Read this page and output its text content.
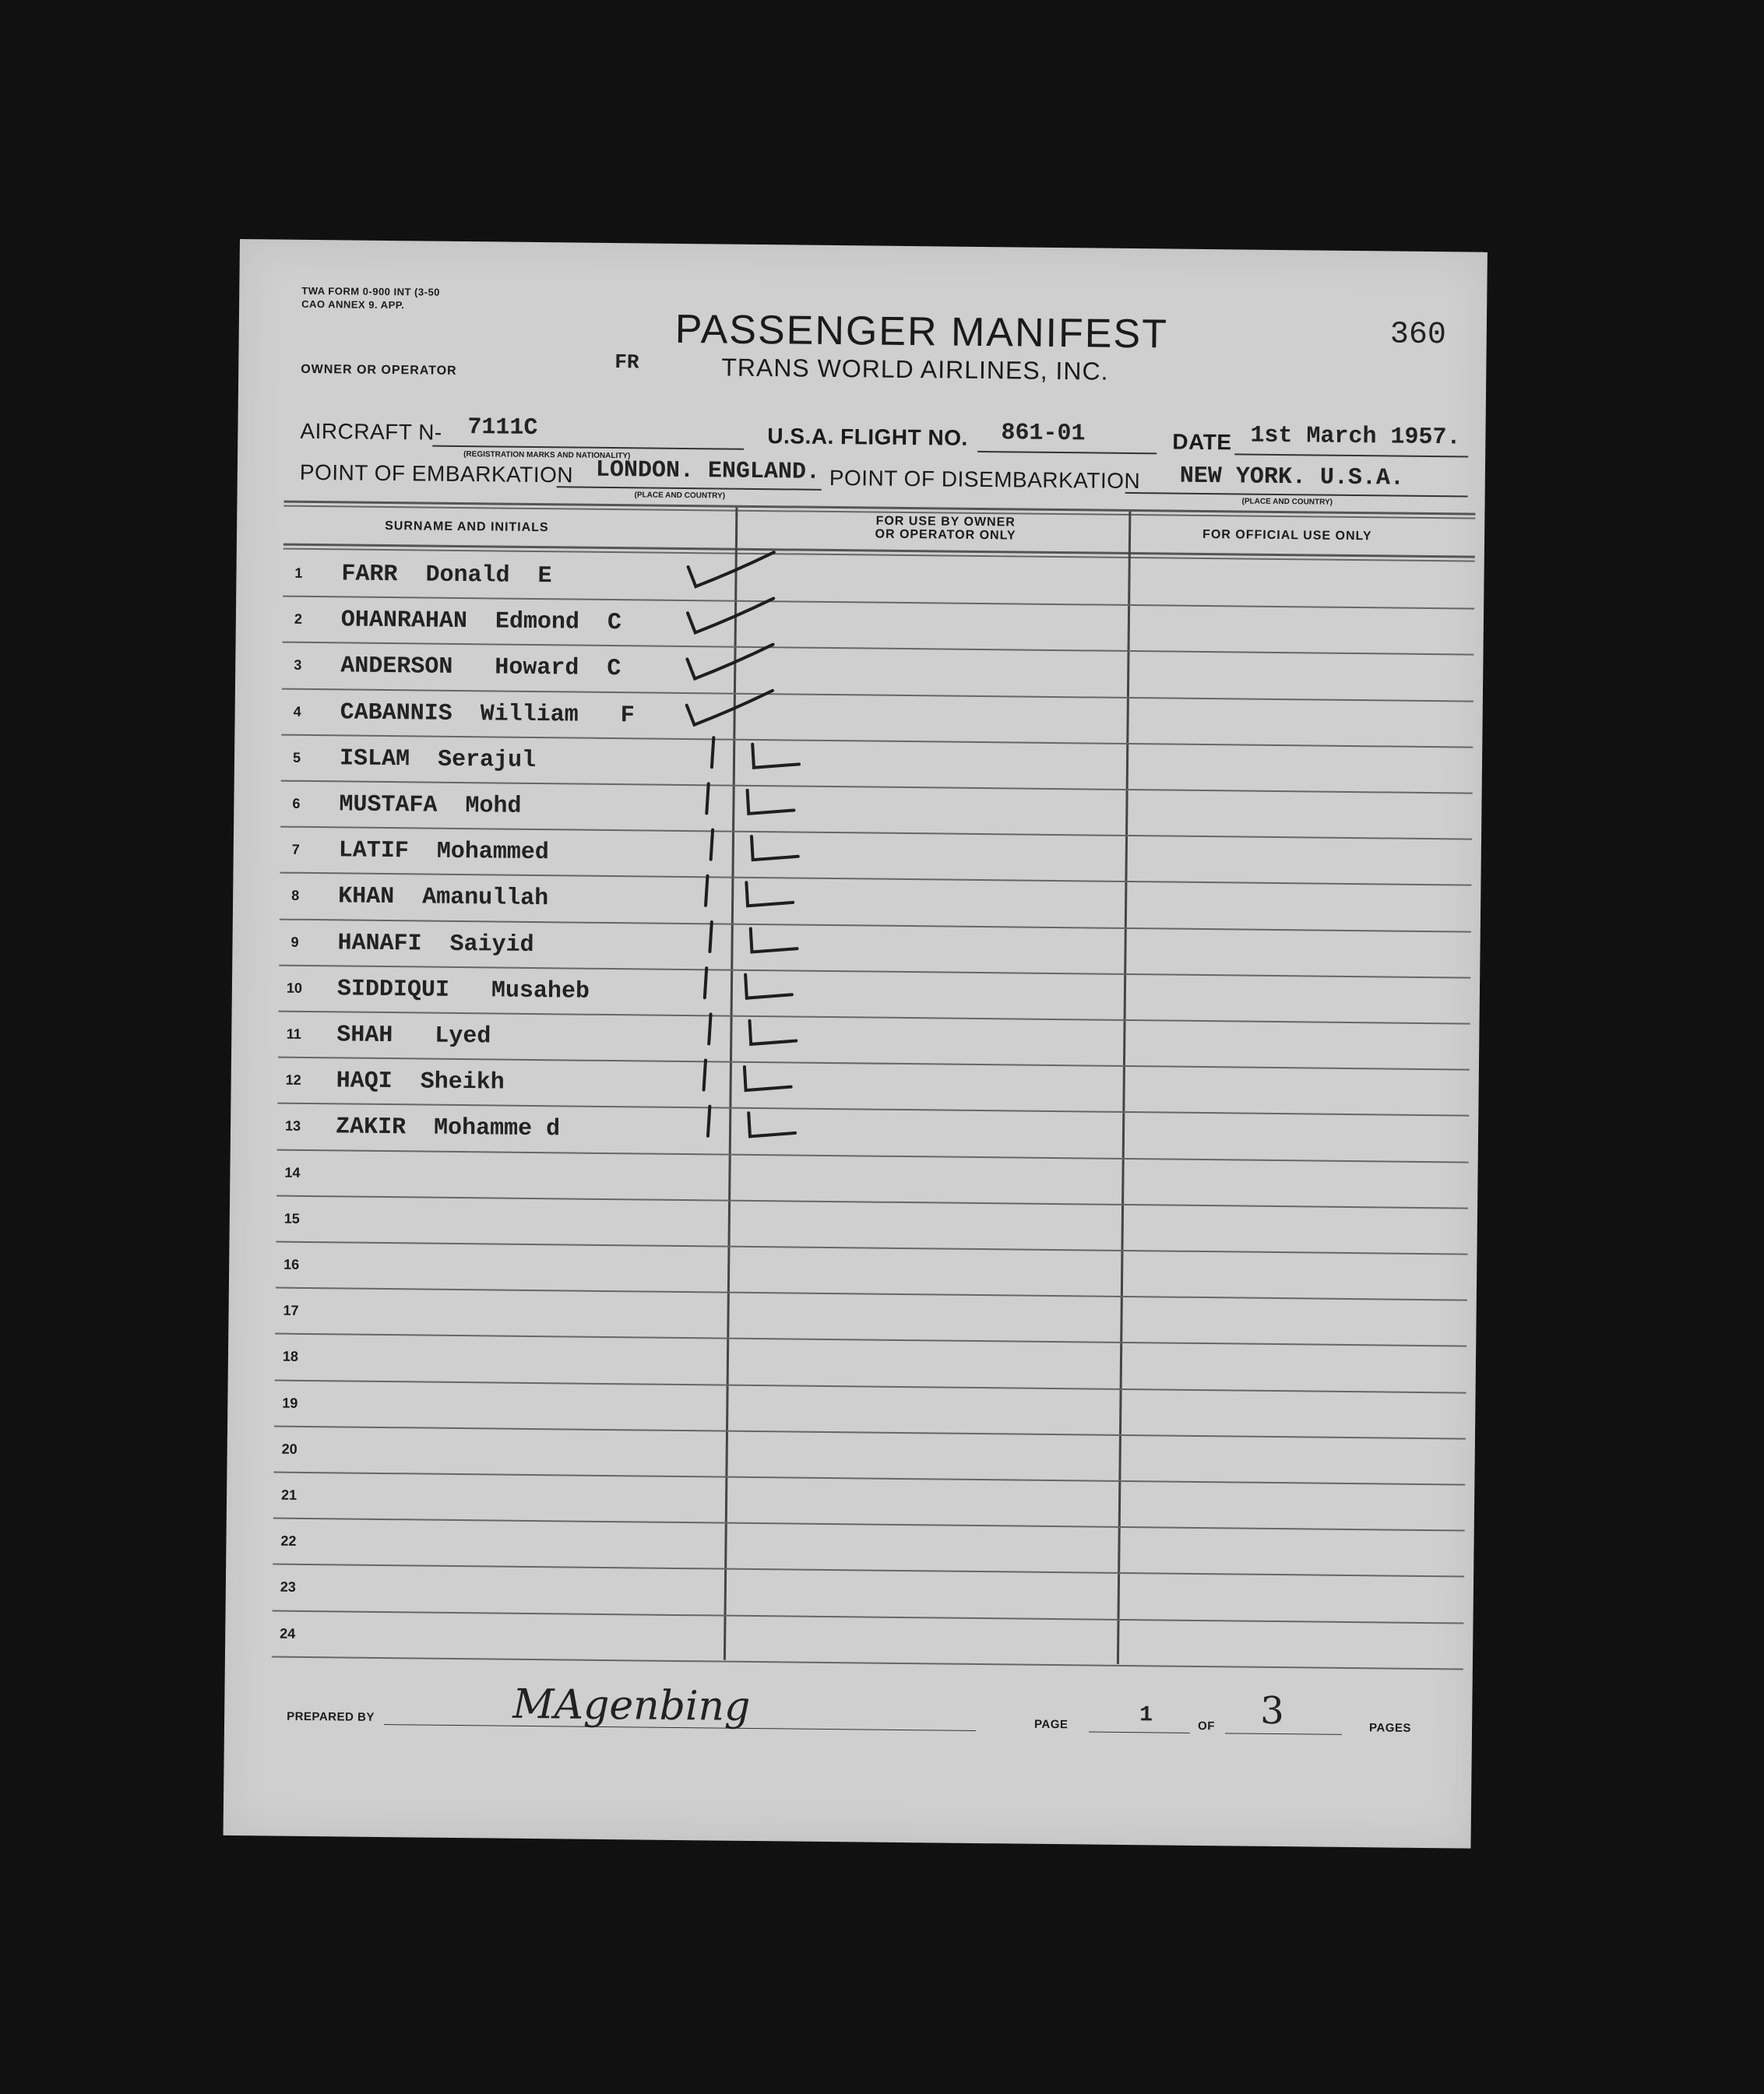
TWA FORM 0-900 INT (3-50
CAO ANNEX 9. APP.
360
PASSENGER MANIFEST
TRANS WORLD AIRLINES, INC.
OWNER OR OPERATOR	FR
AIRCRAFT N- 7111C
(REGISTRATION MARKS AND NATIONALITY)
U.S.A. FLIGHT NO. 861-01	DATE 1st March 1957.
POINT OF EMBARKATION LONDON. ENGLAND.
(PLACE AND COUNTRY)
POINT OF DISEMBARKATION NEW YORK. U.S.A.
(PLACE AND COUNTRY)
SURNAME AND INITIALS	FOR USE BY OWNER
OR OPERATOR ONLY	FOR OFFICIAL USE ONLY
1	FARR  Donald  E
2	OHANRAHAN  Edmond  C
3	ANDERSON   Howard  C
4	CABANNIS  William   F
5	ISLAM  Serajul
6	MUSTAFA  Mohd
7	LATIF  Mohammed
8	KHAN  Amanullah
9	HANAFI  Saiyid
10	SIDDIQUI   Musaheb
11	SHAH   Lyed
12	HAQI  Sheikh
13	ZAKIR  Mohamme d
14
15
16
17
18
19
20
21
22
23
24
PREPARED BY	MAgenbing	PAGE	1	OF 3	PAGES
